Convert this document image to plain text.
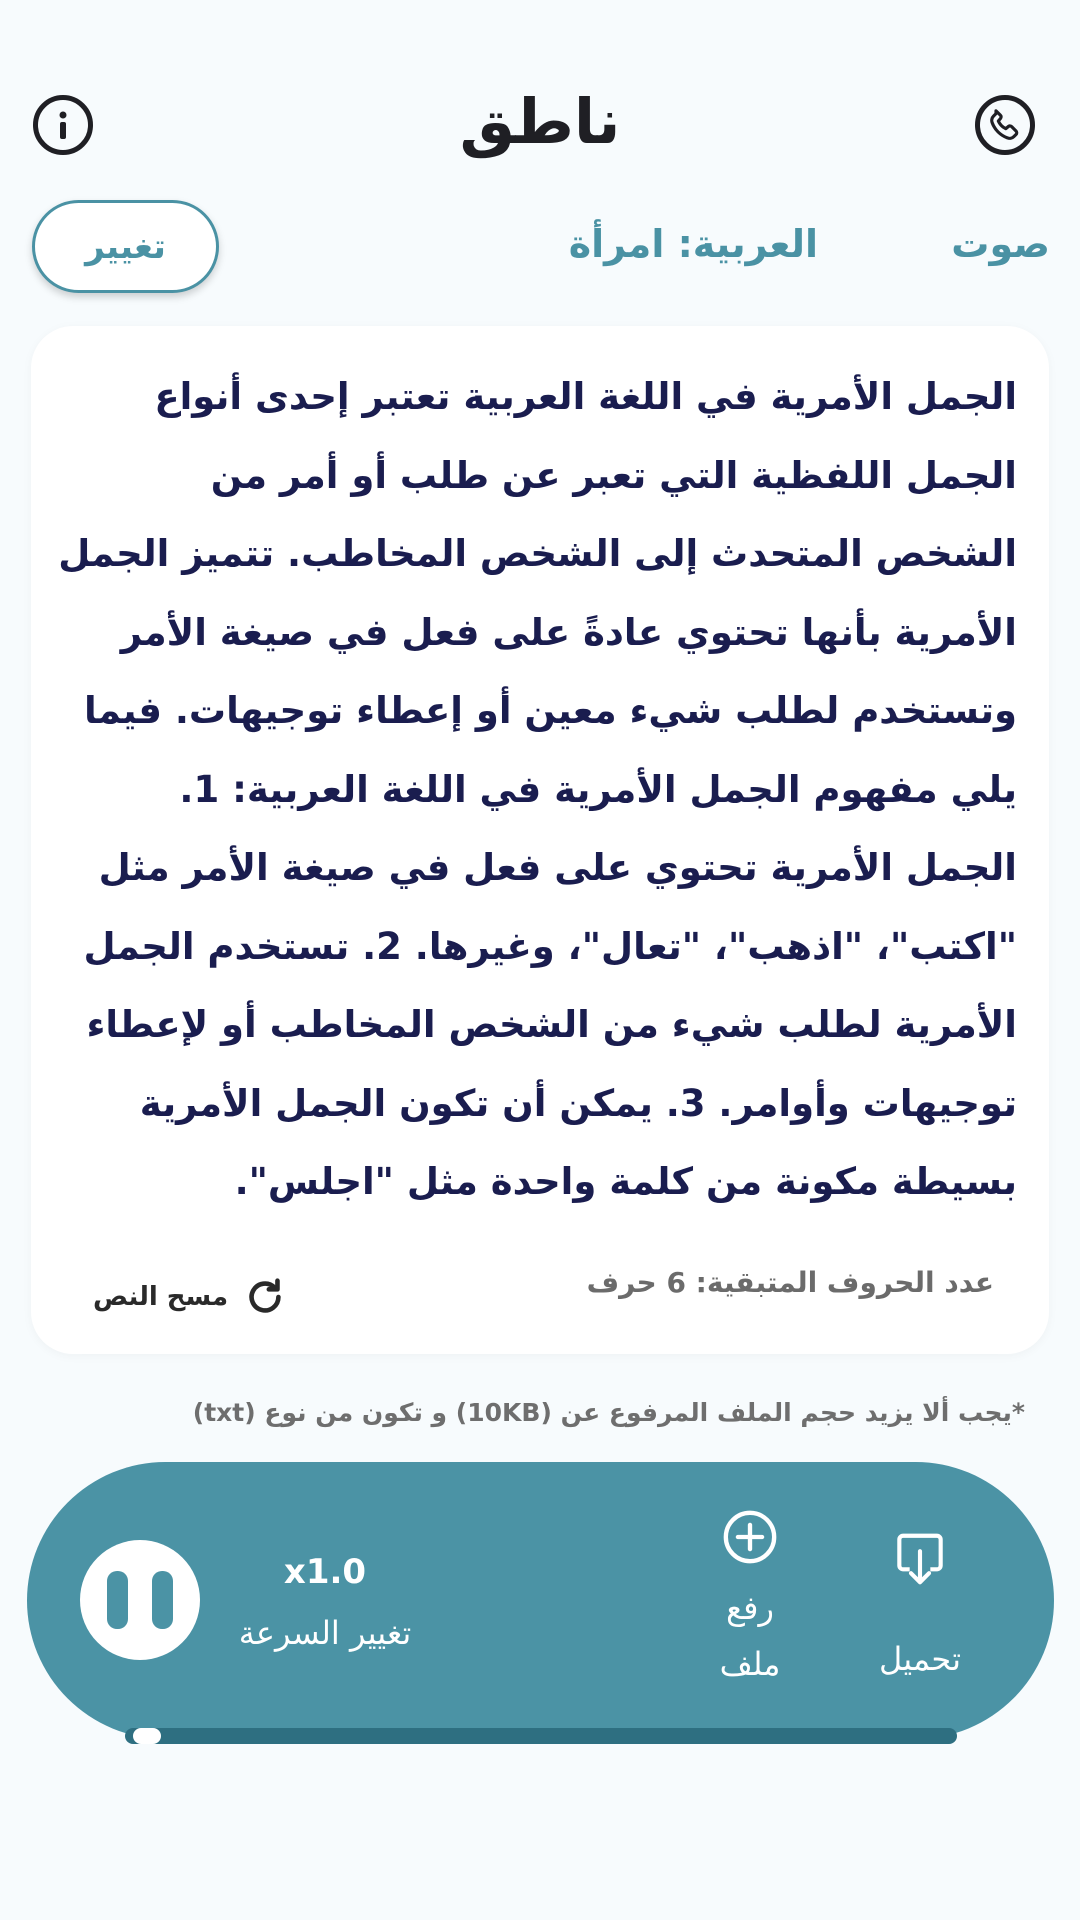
ناطق
صوت
العربية: امرأة
تغيير
الجمل الأمرية في اللغة العربية تعتبر إحدى أنواع الجمل اللفظية التي تعبر عن طلب أو أمر من الشخص المتحدث إلى الشخص المخاطب. تتميز الجمل الأمرية بأنها تحتوي عادةً على فعل في صيغة الأمر وتستخدم لطلب شيء معين أو إعطاء توجيهات. فيما يلي مفهوم الجمل الأمرية في اللغة العربية: 1. الجمل الأمرية تحتوي على فعل في صيغة الأمر مثل "اكتب"، "اذهب"، "تعال"، وغيرها. 2. تستخدم الجمل الأمرية لطلب شيء من الشخص المخاطب أو لإعطاء توجيهات وأوامر. 3. يمكن أن تكون الجمل الأمرية بسيطة مكونة من كلمة واحدة مثل "اجلس".
عدد الحروف المتبقية: 6 حرف
مسح النص
*يجب ألا يزيد حجم الملف المرفوع عن (10KB) و تكون من نوع (txt)
x1.0
تغيير السرعة
رفع ملف	تحميل
